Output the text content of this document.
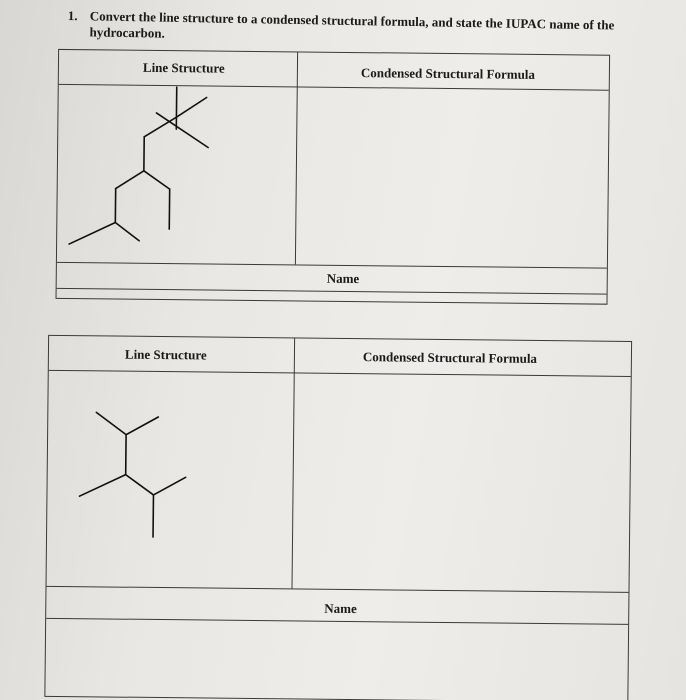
1. Convert the line structure to a condensed structural formula, and state the IUPAC name of the hydrocarbon.
Line Structure	Condensed Structural Formula
Name
Line Structure	Condensed Structural Formula
Name
